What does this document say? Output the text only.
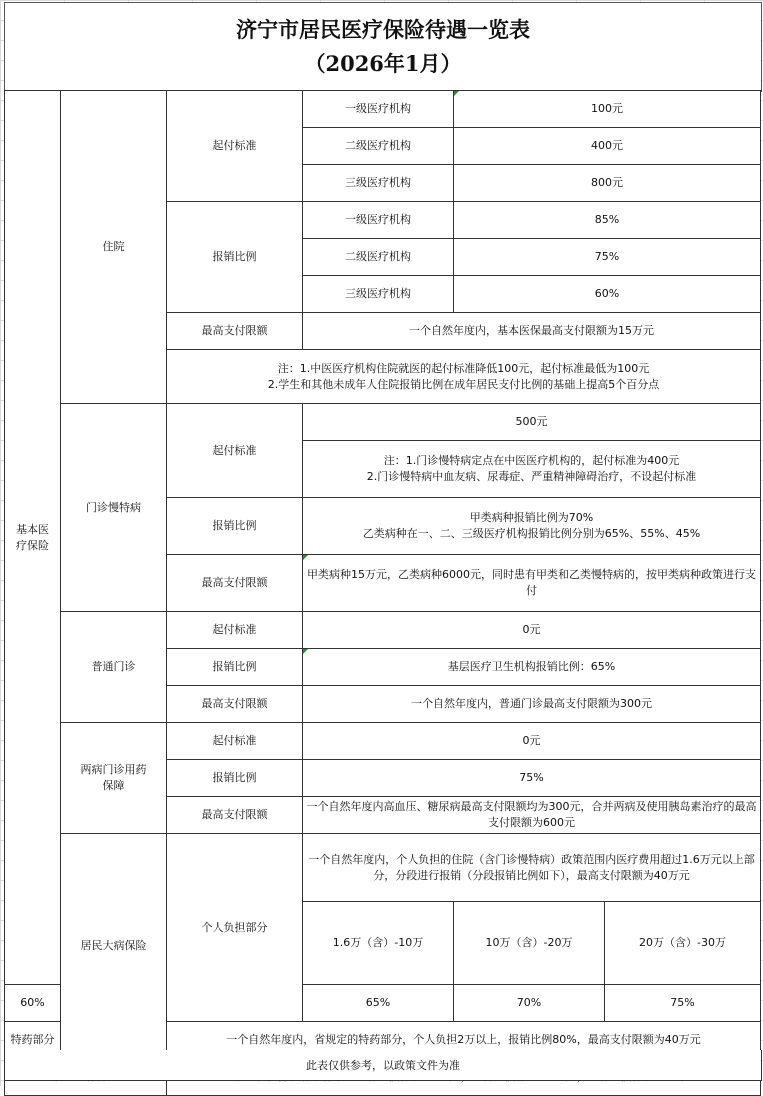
济宁市居民医疗保险待遇一览表
（2026年1月）
基本医疗保险	住院	起付标准	一级医疗机构	100元		
			二级医疗机构	400元		
			三级医疗机构	800元		
		报销比例	一级医疗机构	85%		
			二级医疗机构	75%		
			三级医疗机构	60%		
		最高支付限额	一个自然年度内，基本医保最高支付限额为15万元			

		注：1.中医医疗机构住院就医的起付标准降低100元，起付标准最低为100元
2.学生和其他未成年人住院报销比例在成年居民支付比例的基础上提高5个百分点				

	门诊慢特病	起付标准	500元			

			注：1.门诊慢特病定点在中医医疗机构的，起付标准为400元
2.门诊慢特病中血友病、尿毒症、严重精神障碍治疗，不设起付标准			

		报销比例	甲类病种报销比例为70%
乙类病种在一、二、三级医疗机构报销比例分别为65%、55%、45%			

		最高支付限额	甲类病种15万元，乙类病种6000元，同时患有甲类和乙类慢特病的，按甲类病种政策进行支付			
	普通门诊	起付标准	0元			
		报销比例	基层医疗卫生机构报销比例：65%			
		最高支付限额	一个自然年度内，普通门诊最高支付限额为300元			
	两病门诊用药保障	起付标准	0元			
		报销比例	75%			
		最高支付限额	一个自然年度内高血压、糖尿病最高支付限额均为300元，合并两病及使用胰岛素治疗的最高支付限额为600元			
	居民大病保险	个人负担部分	一个自然年度内，个人负担的住院（含门诊慢特病）政策范围内医疗费用超过1.6万元以上部分，分段进行报销（分段报销比例如下），最高支付限额为40万元			
			1.6万（含）-10万	10万（含）-20万	20万（含）-30万	
60%			65%	70%	75%	
特药部分		一个自然年度内，省规定的特药部分，个人负担2万以上，报销比例80%，最高支付限额为40万元				

此表仅供参考，以政策文件为准
